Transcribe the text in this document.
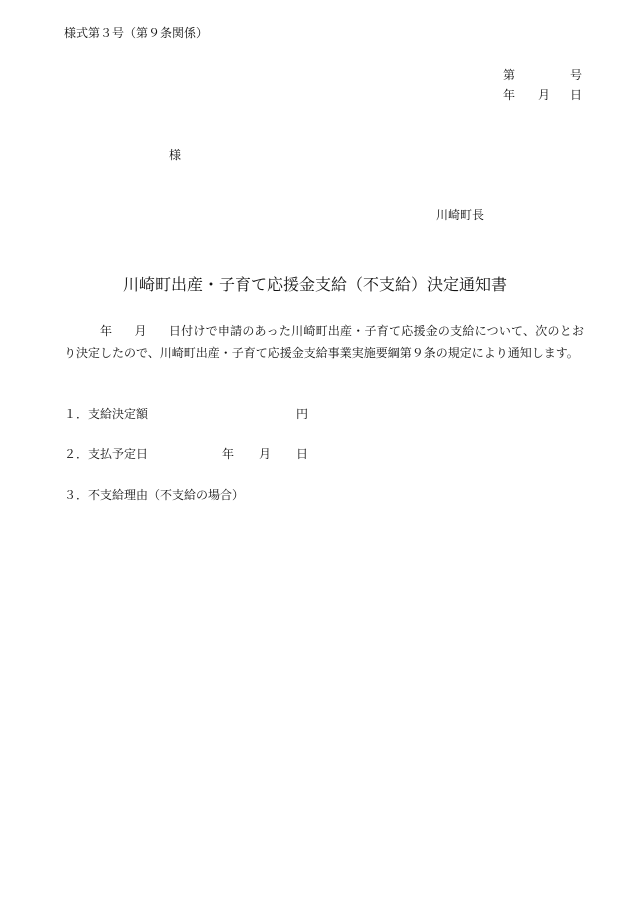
様式第３号（第９条関係）
第	号
年 月 日
様
川崎町長
川崎町出産・子育て応援金支給（不支給）決定通知書
年 月 日付けで申請のあった川崎町出産・子育て応援金の支給について、次のとおり決定したので、川崎町出産・子育て応援金支給事業実施要綱第９条の規定により通知します。
１．支給決定額	円
２．支払予定日	年 月 日
３．不支給理由（不支給の場合）
